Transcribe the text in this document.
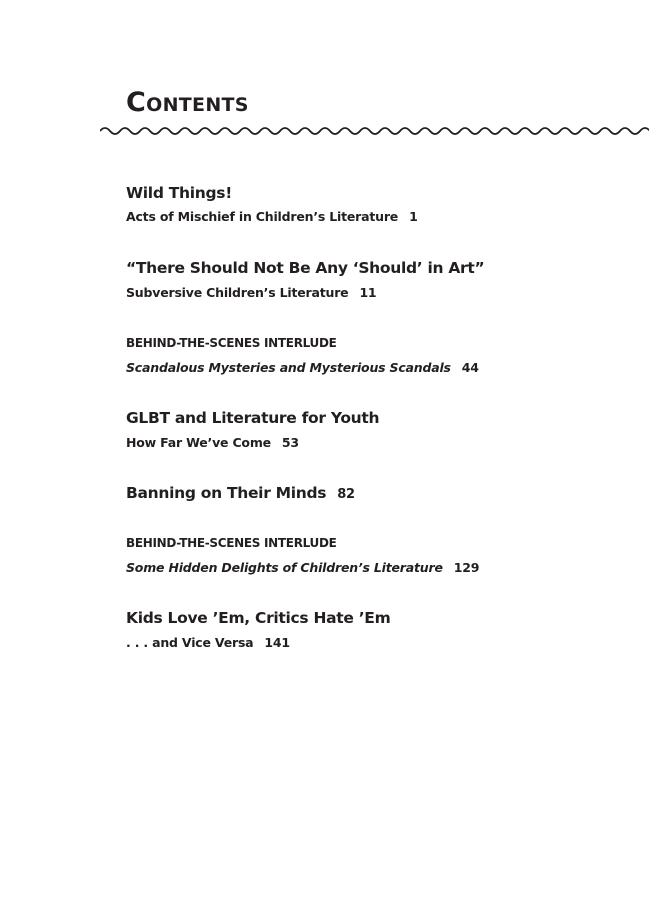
CONTENTS
Wild Things!
Acts of Mischief in Children’s Literature 1
“There Should Not Be Any ‘Should’ in Art”
Subversive Children’s Literature 11
BEHIND-THE-SCENES INTERLUDE
Scandalous Mysteries and Mysterious Scandals 44
GLBT and Literature for Youth
How Far We’ve Come 53
Banning on Their Minds 82
BEHIND-THE-SCENES INTERLUDE
Some Hidden Delights of Children’s Literature 129
Kids Love ’Em, Critics Hate ’Em
. . . and Vice Versa 141
